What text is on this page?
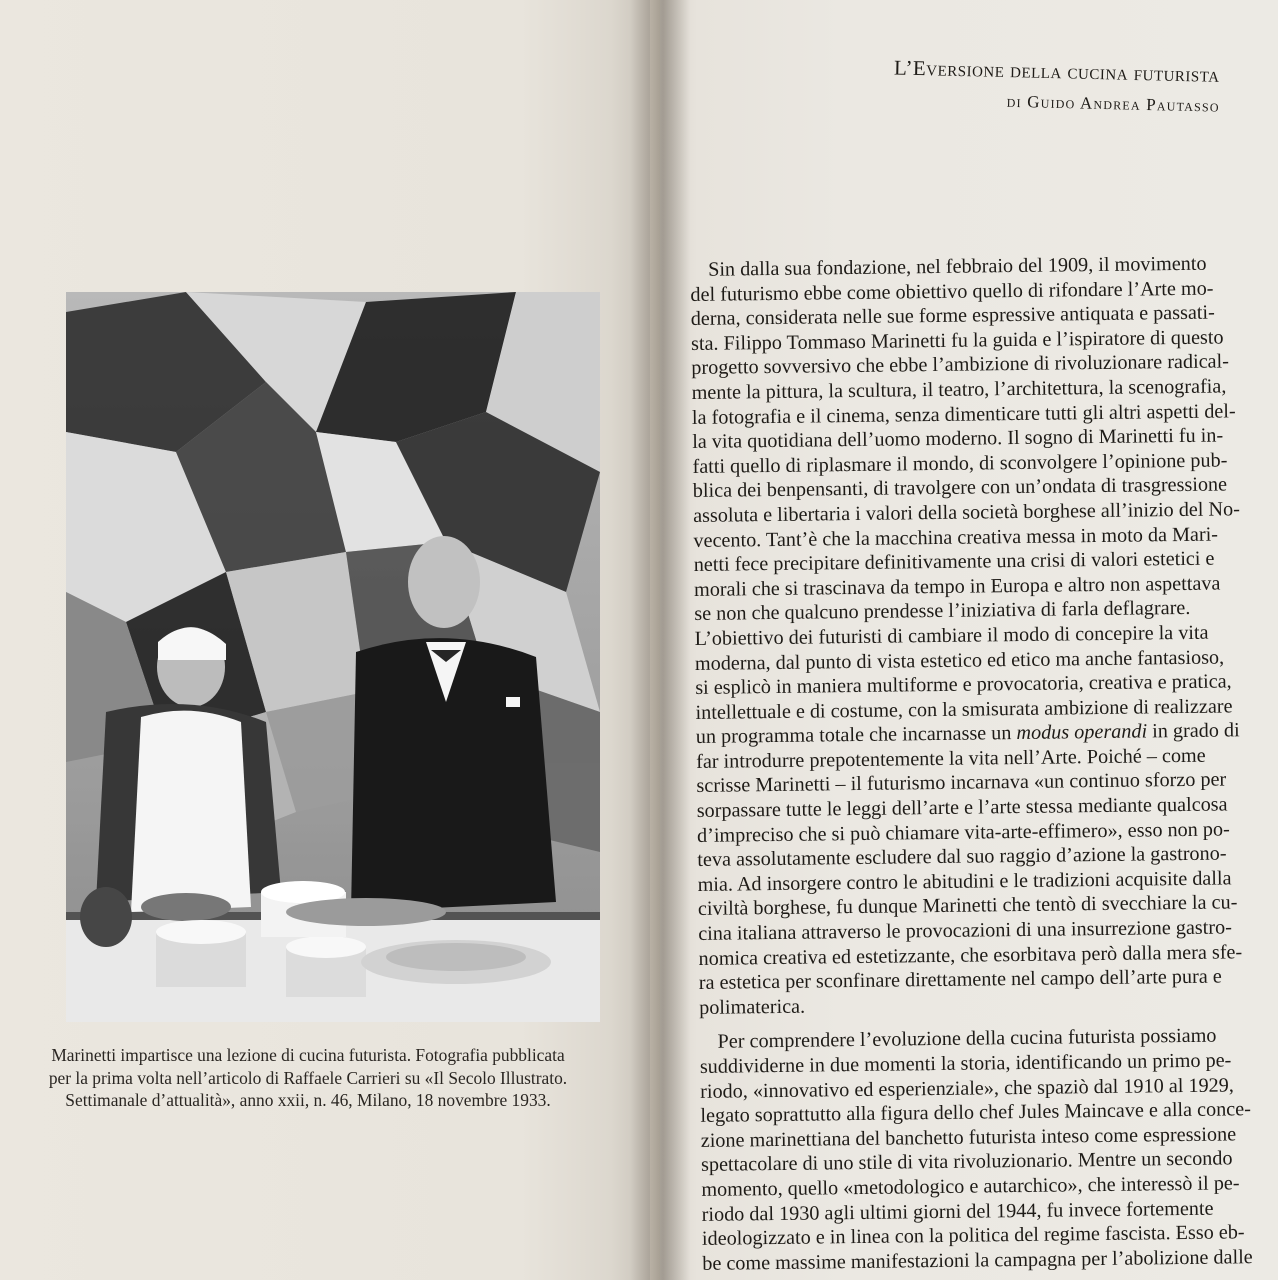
Marinetti impartisce una lezione di cucina futurista. Fotografia pubblicata
per la prima volta nell’articolo di Raffaele Carrieri su «Il Secolo Illustrato.
Settimanale d’attualità», anno xxii, n. 46, Milano, 18 novembre 1933.
L’Eversione della cucina futurista
di Guido Andrea Pautasso
Sin dalla sua fondazione, nel febbraio del 1909, il movimento
del futurismo ebbe come obiettivo quello di rifondare l’Arte mo-
derna, considerata nelle sue forme espressive antiquata e passati-
sta. Filippo Tommaso Marinetti fu la guida e l’ispiratore di questo
progetto sovversivo che ebbe l’ambizione di rivoluzionare radical-
mente la pittura, la scultura, il teatro, l’architettura, la scenografia,
la fotografia e il cinema, senza dimenticare tutti gli altri aspetti del-
la vita quotidiana dell’uomo moderno. Il sogno di Marinetti fu in-
fatti quello di riplasmare il mondo, di sconvolgere l’opinione pub-
blica dei benpensanti, di travolgere con un’ondata di trasgressione
assoluta e libertaria i valori della società borghese all’inizio del No-
vecento. Tant’è che la macchina creativa messa in moto da Mari-
netti fece precipitare definitivamente una crisi di valori estetici e
morali che si trascinava da tempo in Europa e altro non aspettava
se non che qualcuno prendesse l’iniziativa di farla deflagrare.
L’obiettivo dei futuristi di cambiare il modo di concepire la vita
moderna, dal punto di vista estetico ed etico ma anche fantasioso,
si esplicò in maniera multiforme e provocatoria, creativa e pratica,
intellettuale e di costume, con la smisurata ambizione di realizzare
un programma totale che incarnasse un modus operandi in grado di
far introdurre prepotentemente la vita nell’Arte. Poiché – come
scrisse Marinetti – il futurismo incarnava «un continuo sforzo per
sorpassare tutte le leggi dell’arte e l’arte stessa mediante qualcosa
d’impreciso che si può chiamare vita-arte-effimero», esso non po-
teva assolutamente escludere dal suo raggio d’azione la gastrono-
mia. Ad insorgere contro le abitudini e le tradizioni acquisite dalla
civiltà borghese, fu dunque Marinetti che tentò di svecchiare la cu-
cina italiana attraverso le provocazioni di una insurrezione gastro-
nomica creativa ed estetizzante, che esorbitava però dalla mera sfe-
ra estetica per sconfinare direttamente nel campo dell’arte pura e
polimaterica.
Per comprendere l’evoluzione della cucina futurista possiamo
suddividerne in due momenti la storia, identificando un primo pe-
riodo, «innovativo ed esperienziale», che spaziò dal 1910 al 1929,
legato soprattutto alla figura dello chef Jules Maincave e alla conce-
zione marinettiana del banchetto futurista inteso come espressione
spettacolare di uno stile di vita rivoluzionario. Mentre un secondo
momento, quello «metodologico e autarchico», che interessò il pe-
riodo dal 1930 agli ultimi giorni del 1944, fu invece fortemente
ideologizzato e in linea con la politica del regime fascista. Esso eb-
be come massime manifestazioni la campagna per l’abolizione dalle
